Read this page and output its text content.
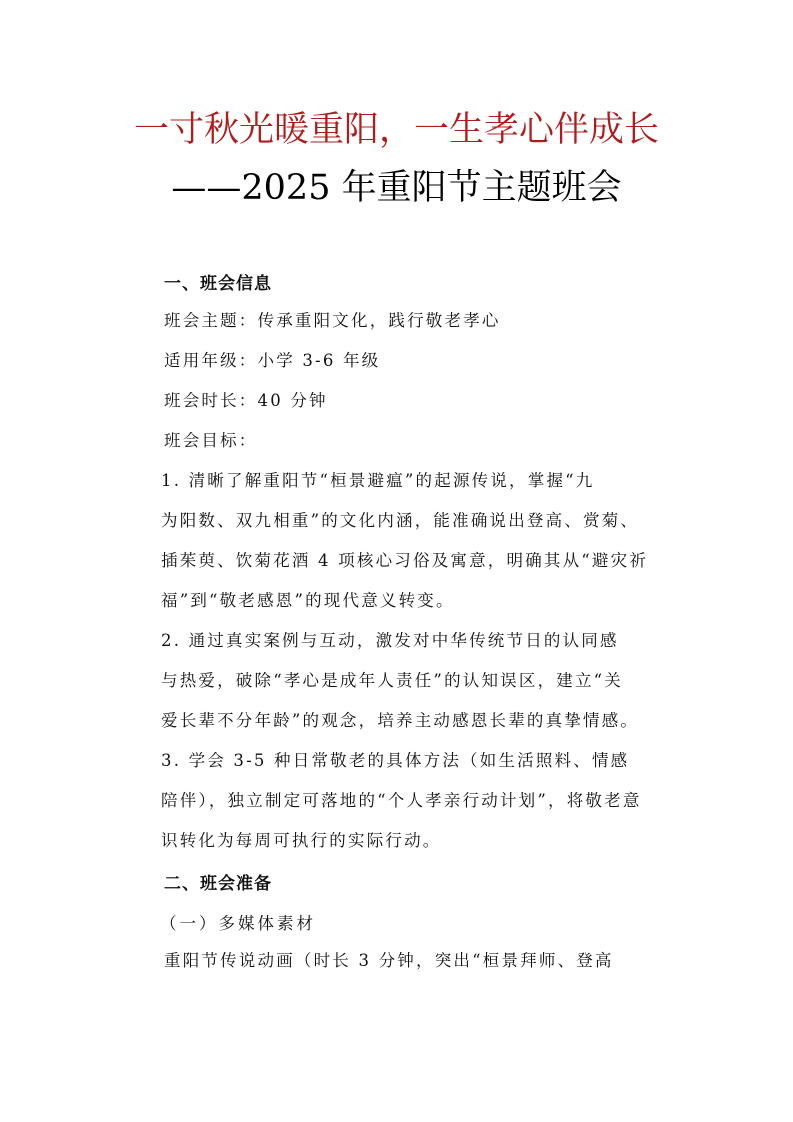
一寸秋光暖重阳，一生孝心伴成长
——2025 年重阳节主题班会
一、班会信息
班会主题：传承重阳文化，践行敬老孝心
适用年级：小学 3-6 年级
班会时长：40 分钟
班会目标：
1. 清晰了解重阳节“桓景避瘟”的起源传说，掌握“九
为阳数、双九相重”的文化内涵，能准确说出登高、赏菊、
插茱萸、饮菊花酒 4 项核心习俗及寓意，明确其从“避灾祈
福”到“敬老感恩”的现代意义转变。
2. 通过真实案例与互动，激发对中华传统节日的认同感
与热爱，破除“孝心是成年人责任”的认知误区，建立“关
爱长辈不分年龄”的观念，培养主动感恩长辈的真挚情感。
3. 学会 3-5 种日常敬老的具体方法（如生活照料、情感
陪伴），独立制定可落地的“个人孝亲行动计划”，将敬老意
识转化为每周可执行的实际行动。
二、班会准备
（一）多媒体素材
重阳节传说动画（时长 3 分钟，突出“桓景拜师、登高
